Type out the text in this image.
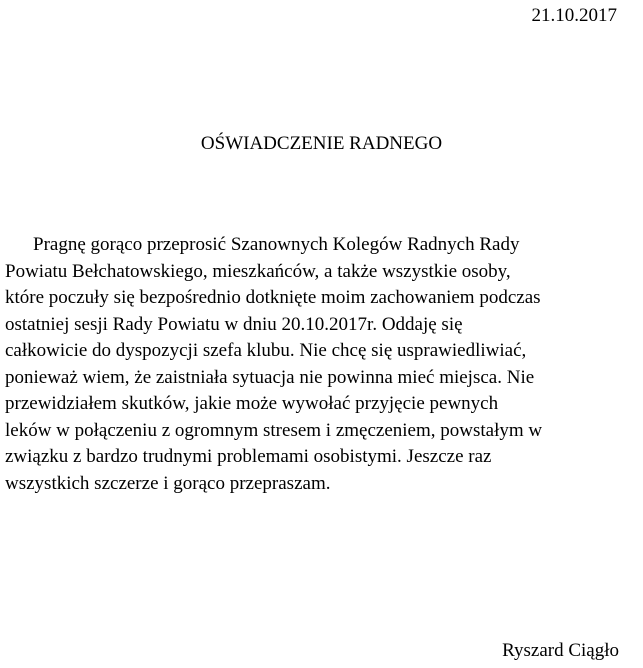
21.10.2017
OŚWIADCZENIE RADNEGO
Pragnę gorąco przeprosić Szanownych Kolegów Radnych Rady
Powiatu Bełchatowskiego, mieszkańców, a także wszystkie osoby,
które poczuły się bezpośrednio dotknięte moim zachowaniem podczas
ostatniej sesji Rady Powiatu w dniu 20.10.2017r. Oddaję się
całkowicie do dyspozycji szefa klubu. Nie chcę się usprawiedliwiać,
ponieważ wiem, że zaistniała sytuacja nie powinna mieć miejsca. Nie
przewidziałem skutków, jakie może wywołać przyjęcie pewnych
leków w połączeniu z ogromnym stresem i zmęczeniem, powstałym w
związku z bardzo trudnymi problemami osobistymi. Jeszcze raz
wszystkich szczerze i gorąco przepraszam.
Ryszard Ciągło
